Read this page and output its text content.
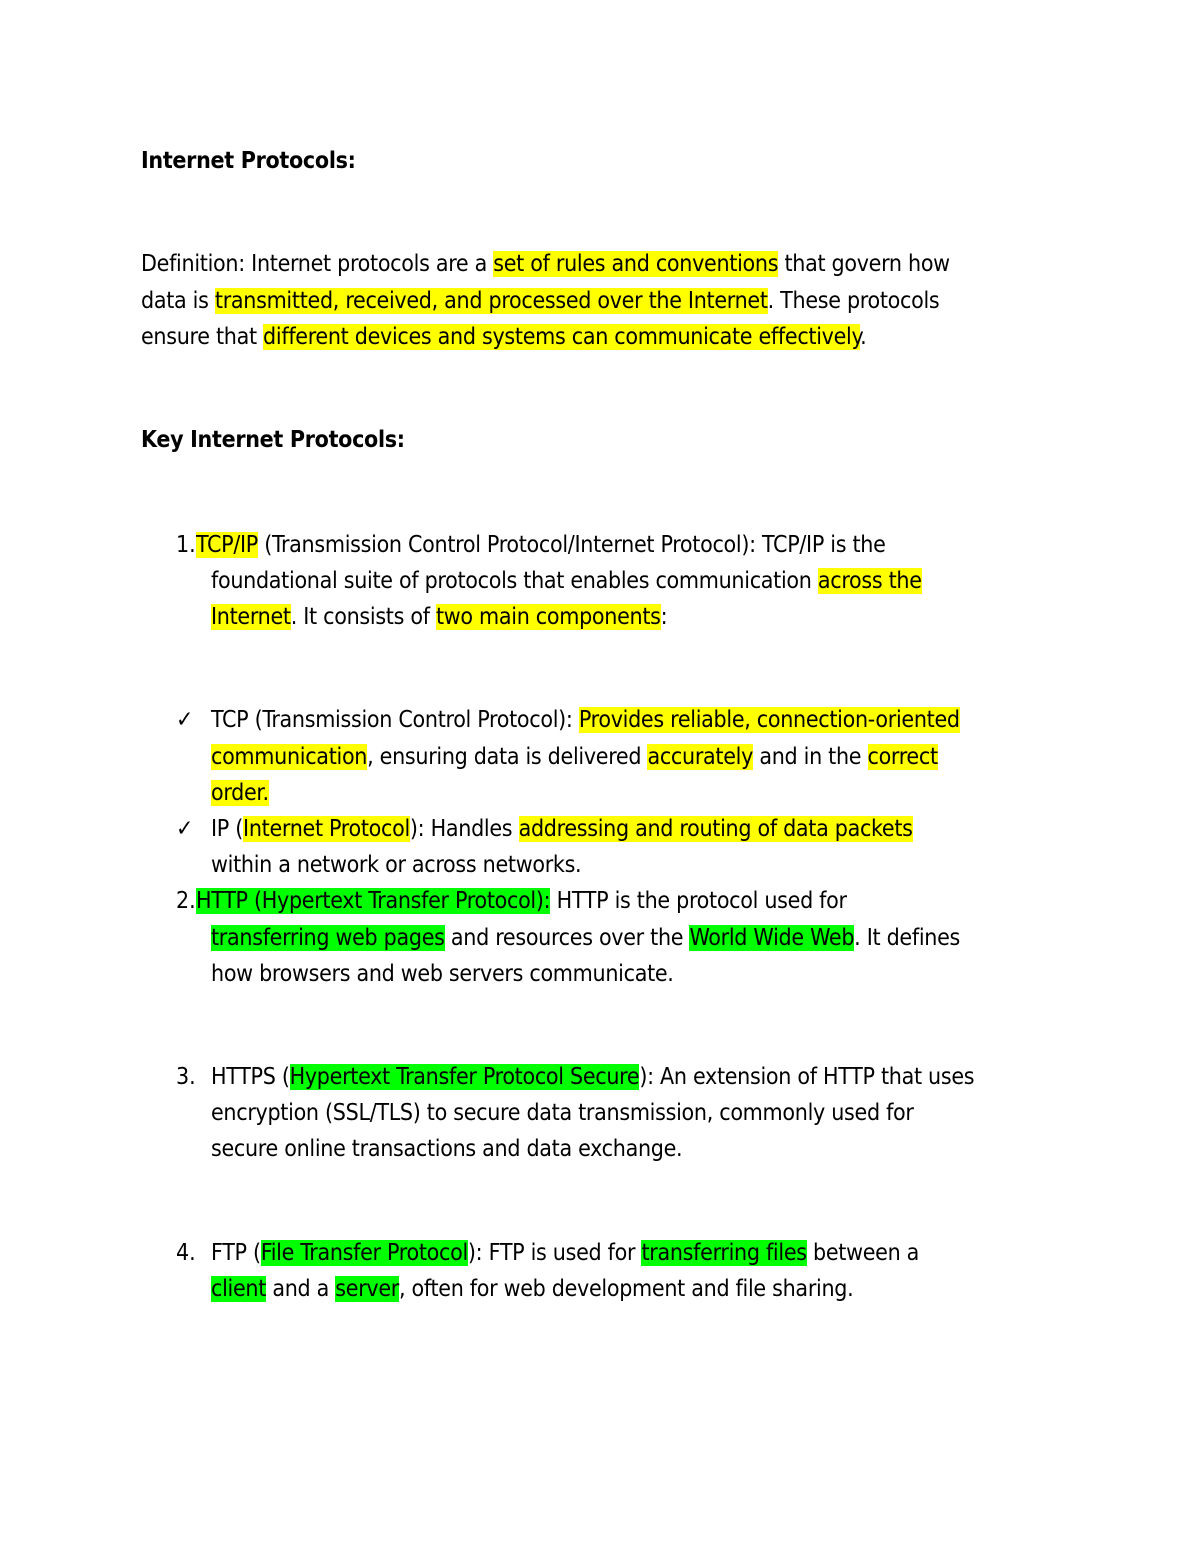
Internet Protocols:
Definition: Internet protocols are a set of rules and conventions that govern how
data is transmitted, received, and processed over the Internet. These protocols
ensure that different devices and systems can communicate effectively.
Key Internet Protocols:
1. TCP/IP (Transmission Control Protocol/Internet Protocol): TCP/IP is the
foundational suite of protocols that enables communication across the
Internet. It consists of two main components:
✓ TCP (Transmission Control Protocol): Provides reliable, connection-oriented
communication, ensuring data is delivered accurately and in the correct
order.
✓ IP (Internet Protocol): Handles addressing and routing of data packets
within a network or across networks.
2. HTTP (Hypertext Transfer Protocol): HTTP is the protocol used for
transferring web pages and resources over the World Wide Web. It defines
how browsers and web servers communicate.
3. HTTPS (Hypertext Transfer Protocol Secure): An extension of HTTP that uses
encryption (SSL/TLS) to secure data transmission, commonly used for
secure online transactions and data exchange.
4. FTP (File Transfer Protocol): FTP is used for transferring files between a
client and a server, often for web development and file sharing.
